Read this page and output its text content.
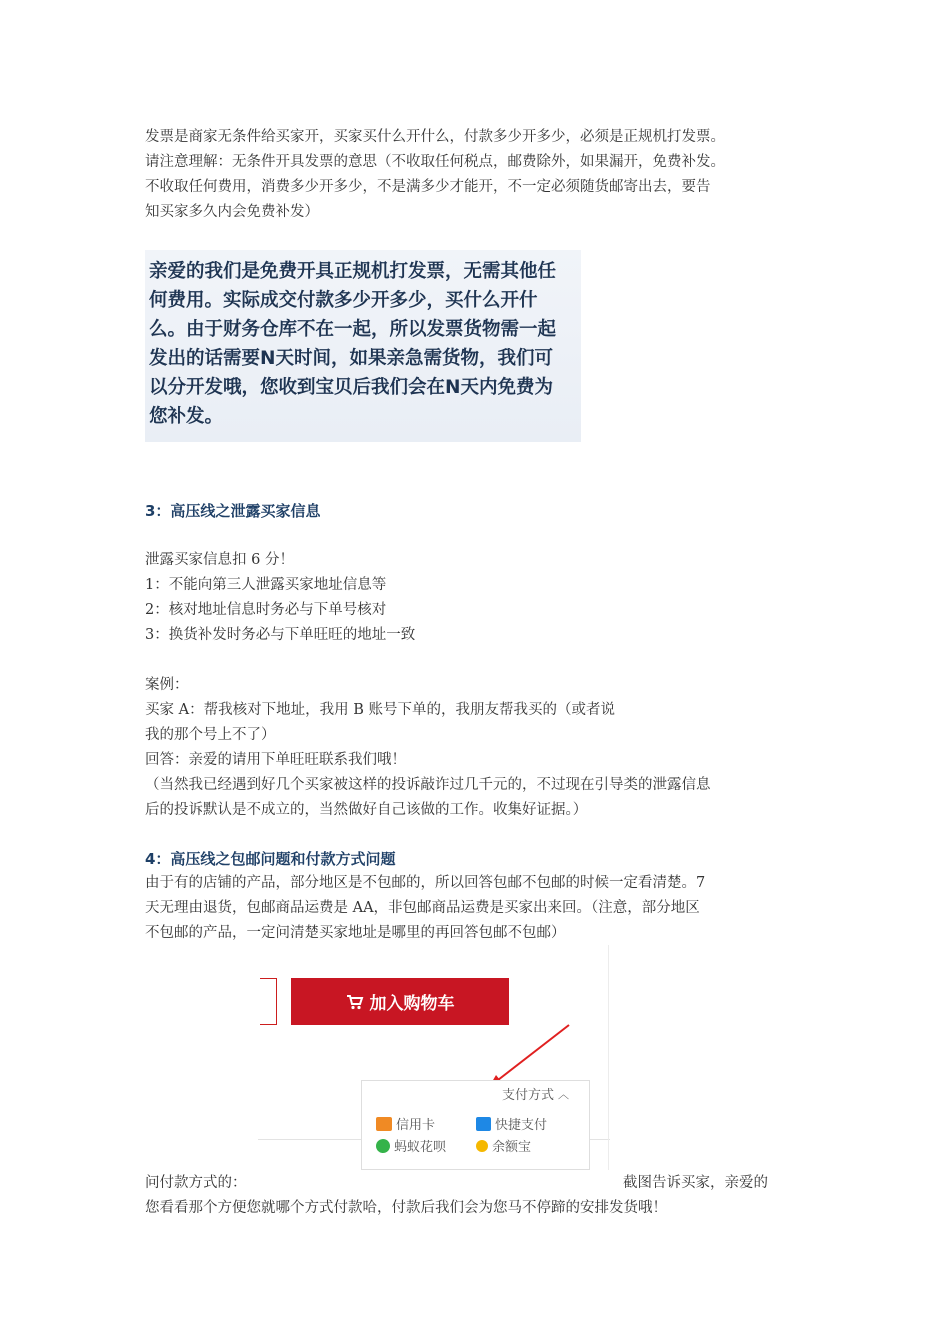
发票是商家无条件给买家开，买家买什么开什么，付款多少开多少，必须是正规机打发票。

请注意理解：无条件开具发票的意思（不收取任何税点，邮费除外，如果漏开，免费补发。

不收取任何费用，消费多少开多少，不是满多少才能开，不一定必须随货邮寄出去，要告

知买家多久内会免费补发）

亲爱的我们是免费开具正规机打发票，无需其他任
何费用。实际成交付款多少开多少，买什么开什
么。由于财务仓库不在一起，所以发票货物需一起
发出的话需要N天时间，如果亲急需货物，我们可
以分开发哦，您收到宝贝后我们会在N天内免费为
您补发。

3：高压线之泄露买家信息

泄露买家信息扣 6 分！

1：不能向第三人泄露买家地址信息等

2：核对地址信息时务必与下单号核对

3：换货补发时务必与下单旺旺的地址一致

案例：

买家 A：帮我核对下地址，我用 B 账号下单的，我朋友帮我买的（或者说

我的那个号上不了）

回答：亲爱的请用下单旺旺联系我们哦！

（当然我已经遇到好几个买家被这样的投诉敲诈过几千元的，不过现在引导类的泄露信息

后的投诉默认是不成立的，当然做好自己该做的工作。收集好证据。）

4：高压线之包邮问题和付款方式问题

由于有的店铺的产品，部分地区是不包邮的，所以回答包邮不包邮的时候一定看清楚。7

天无理由退货，包邮商品运费是 AA，非包邮商品运费是买家出来回。（注意，部分地区

不包邮的产品，一定问清楚买家地址是哪里的再回答包邮不包邮）

加入购物车
支付方式 ︿
信用卡	快捷支付
蚂蚁花呗	余额宝

问付款方式的：	截图告诉买家，亲爱的

您看看那个方便您就哪个方式付款哈，付款后我们会为您马不停蹄的安排发货哦！
